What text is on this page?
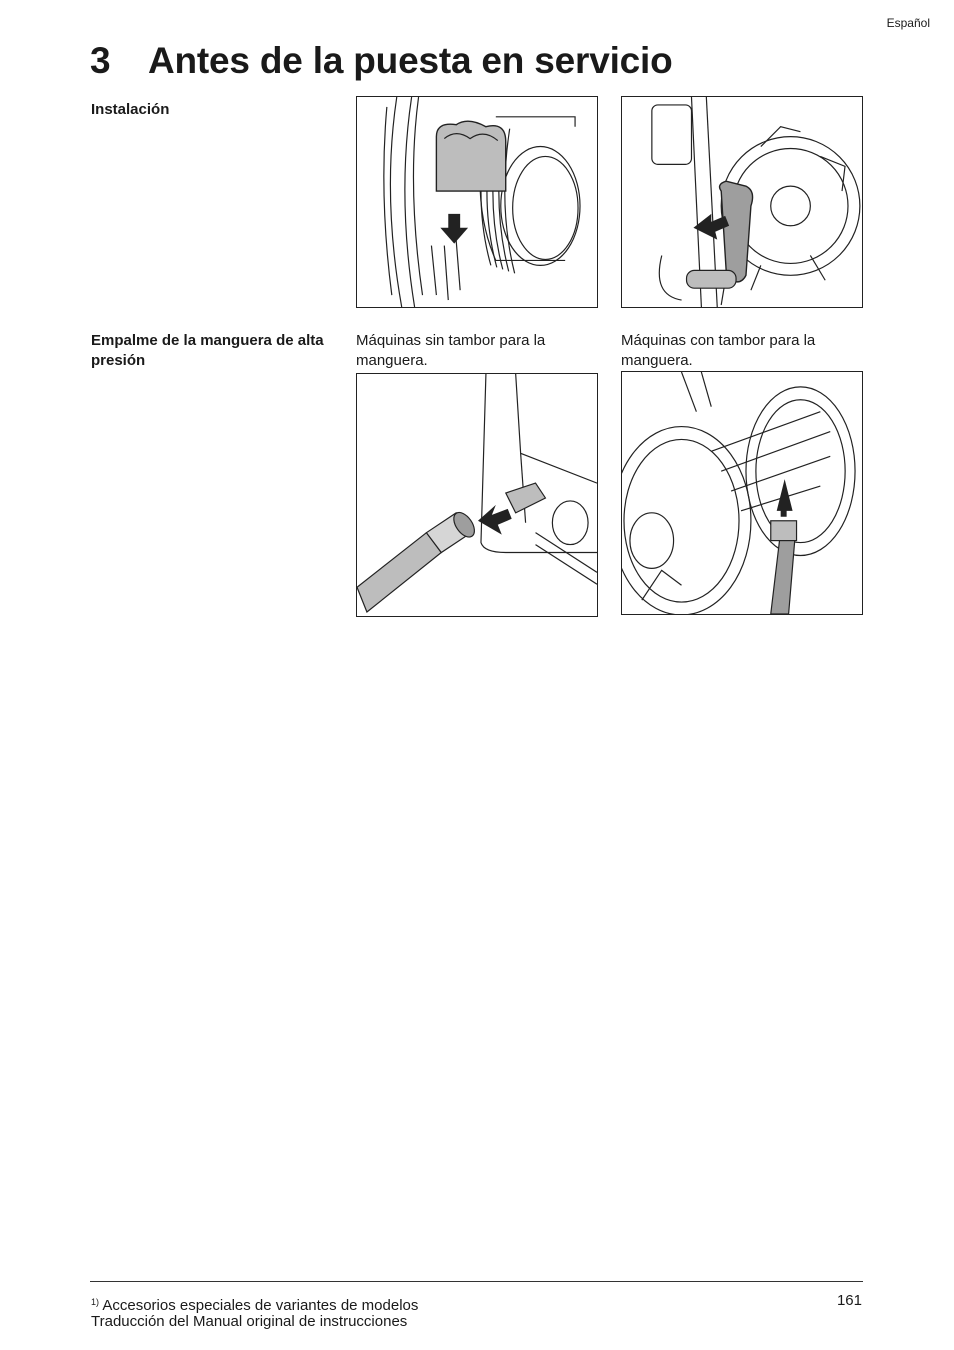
Español
3 Antes de la puesta en servicio
Instalación
Empalme de la manguera de alta presión
Máquinas sin tambor para la manguera.
Máquinas con tambor para la manguera.
$^{1)}$ Accesorios especiales de variantes de modelos
Traducción del Manual original de instrucciones
161
